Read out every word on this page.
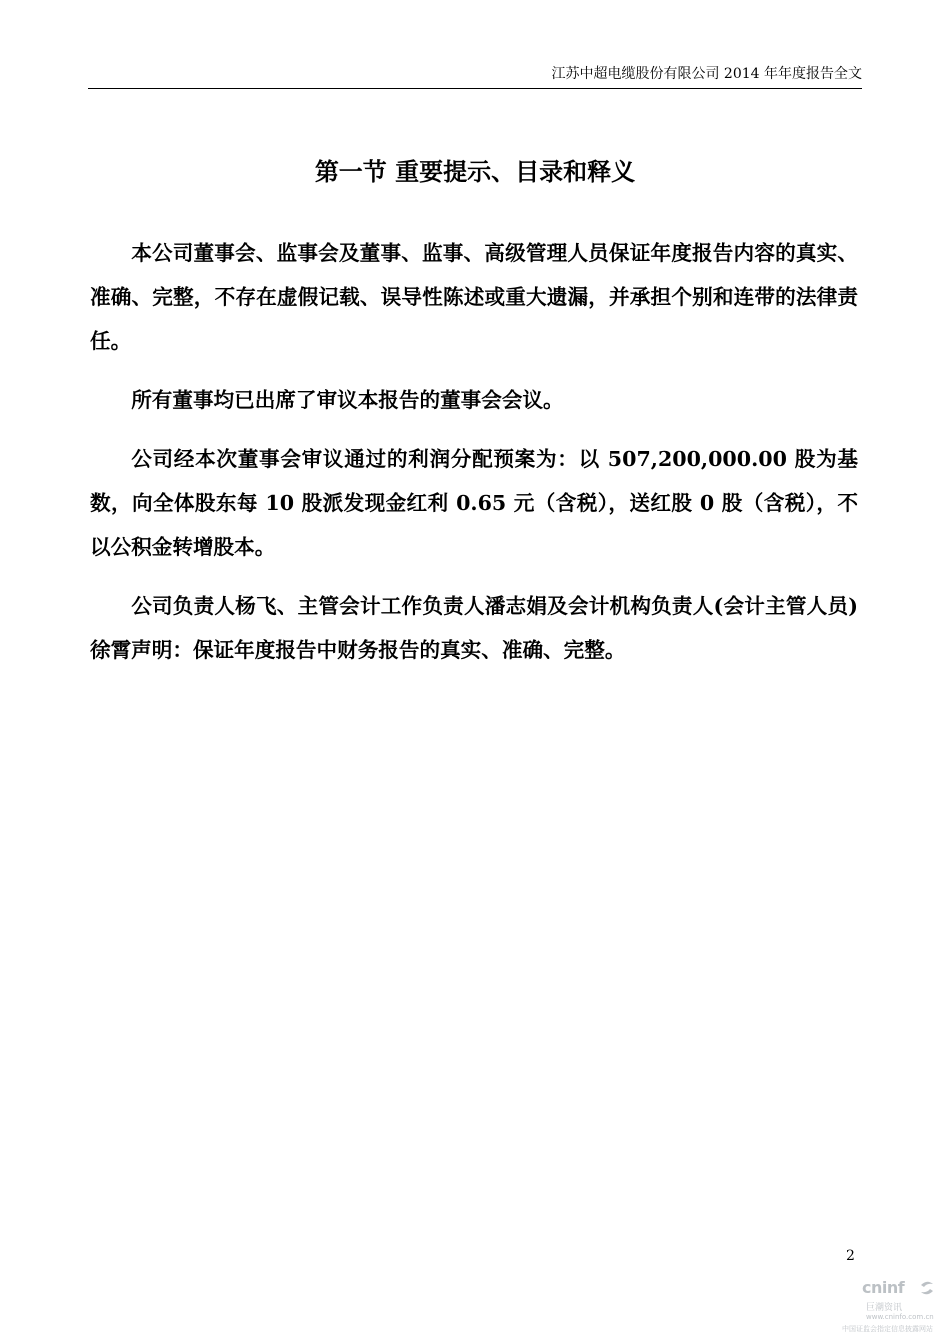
江苏中超电缆股份有限公司 2014 年年度报告全文
第一节 重要提示、目录和释义

本公司董事会、监事会及董事、监事、高级管理人员保证年度报告内容的真实、准确、完整，不存在虚假记载、误导性陈述或重大遗漏，并承担个别和连带的法律责任。

所有董事均已出席了审议本报告的董事会会议。

公司经本次董事会审议通过的利润分配预案为：以 507,200,000.00 股为基数，向全体股东每 10 股派发现金红利 0.65 元（含税），送红股 0 股（含税），不以公积金转增股本。

公司负责人杨飞、主管会计工作负责人潘志娟及会计机构负责人(会计主管人员)徐霄声明：保证年度报告中财务报告的真实、准确、完整。

2
cninf
巨潮资讯
www.cninfo.com.cn
中国证监会指定信息披露网站
